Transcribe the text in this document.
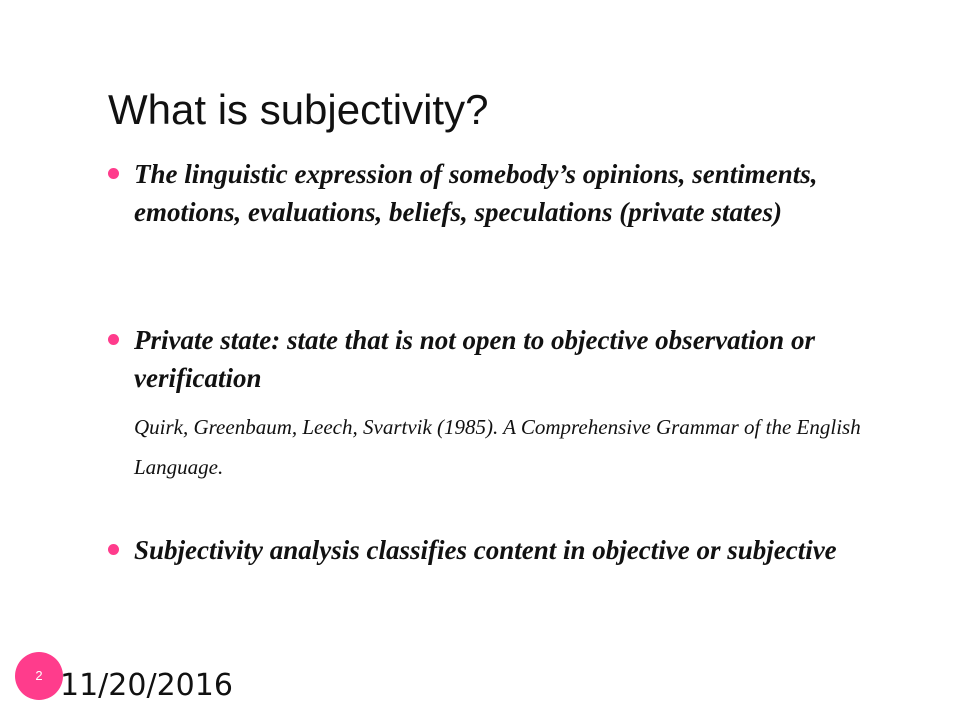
What is subjectivity?
The linguistic expression of somebody’s opinions, sentiments, emotions, evaluations, beliefs, speculations (private states)
Private state: state that is not open to objective observation or verification
Quirk, Greenbaum, Leech, Svartvik (1985). A Comprehensive Grammar of the English Language.
Subjectivity analysis classifies content in objective or subjective
2 11/20/2016
